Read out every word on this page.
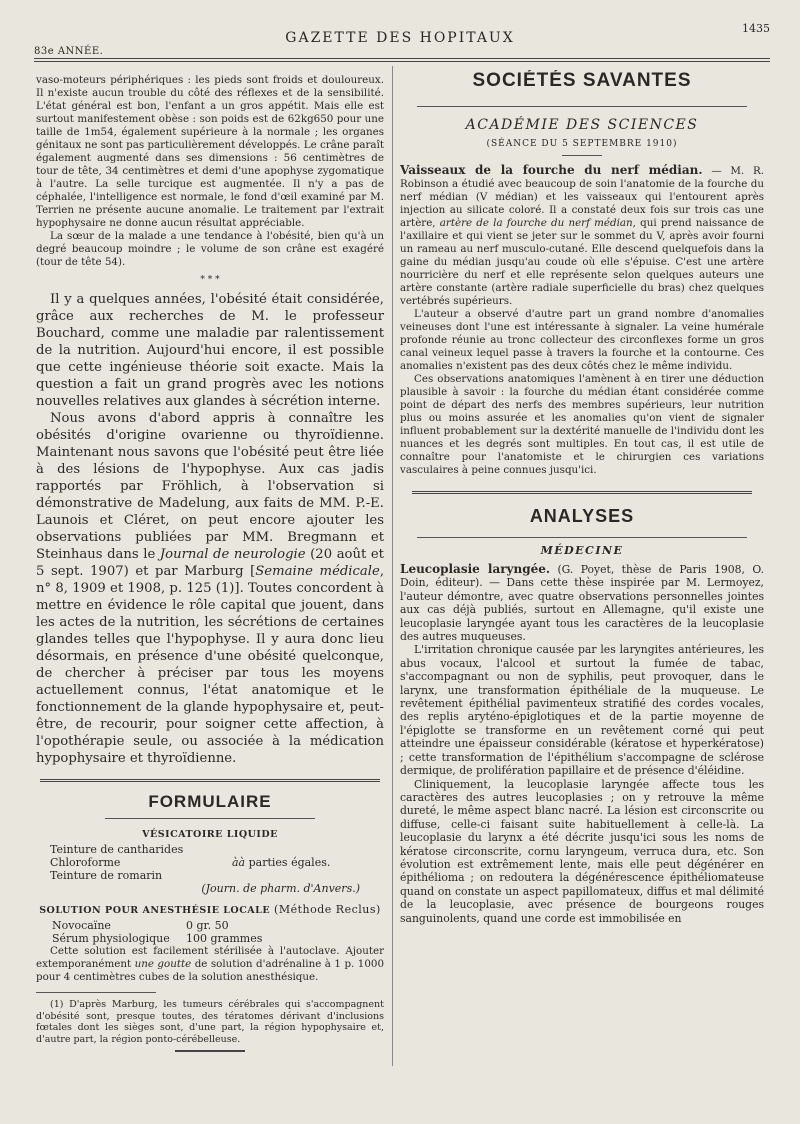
1435
GAZETTE DES HOPITAUX
83e ANNÉE.

vaso-moteurs périphériques : les pieds sont froids et douloureux. Il n'existe aucun trouble du côté des réflexes et de la sensibilité. L'état général est bon, l'enfant a un gros appétit. Mais elle est surtout manifestement obèse : son poids est de 62kg650 pour une taille de 1m54, également supérieure à la normale ; les organes génitaux ne sont pas particulièrement développés. Le crâne paraît également augmenté dans ses dimensions : 56 centimètres de tour de tête, 34 centimètres et demi d'une apophyse zygomatique à l'autre. La selle turcique est augmentée. Il n'y a pas de céphalée, l'intelligence est normale, le fond d'œil examiné par M. Terrien ne présente aucune anomalie. Le traitement par l'extrait hypophysaire ne donne aucun résultat appréciable.

La sœur de la malade a une tendance à l'obésité, bien qu'à un degré beaucoup moindre ; le volume de son crâne est exagéré (tour de tête 54).

* * *

Il y a quelques années, l'obésité était considérée, grâce aux recherches de M. le professeur Bouchard, comme une maladie par ralentissement de la nutrition. Aujourd'hui encore, il est possible que cette ingénieuse théorie soit exacte. Mais la question a fait un grand progrès avec les notions nouvelles relatives aux glandes à sécrétion interne.

Nous avons d'abord appris à connaître les obésités d'origine ovarienne ou thyroïdienne. Maintenant nous savons que l'obésité peut être liée à des lésions de l'hypophyse. Aux cas jadis rapportés par Fröhlich, à l'observation si démonstrative de Madelung, aux faits de MM. P.-E. Launois et Cléret, on peut encore ajouter les observations publiées par MM. Bregmann et Steinhaus dans le Journal de neurologie (20 août et 5 sept. 1907) et par Marburg [Semaine médicale, n° 8, 1909 et 1908, p. 125 (1)]. Toutes concordent à mettre en évidence le rôle capital que jouent, dans les actes de la nutrition, les sécrétions de certaines glandes telles que l'hypophyse. Il y aura donc lieu désormais, en présence d'une obésité quelconque, de chercher à préciser par tous les moyens actuellement connus, l'état anatomique et le fonctionnement de la glande hypophysaire et, peut-être, de recourir, pour soigner cette affection, à l'opothérapie seule, ou associée à la médication hypophysaire et thyroïdienne.

FORMULAIRE
VÉSICATOIRE LIQUIDE
Teinture de cantharides
Chloroforme
Teinture de romarin
àà parties égales.
(Journ. de pharm. d'Anvers.)
SOLUTION POUR ANESTHÉSIE LOCALE (Méthode Reclus)
Novocaïne	0 gr. 50
Sérum physiologique 100 grammes

Cette solution est facilement stérilisée à l'autoclave. Ajouter extemporanément une goutte de solution d'adrénaline à 1 p. 1000 pour 4 centimètres cubes de la solution anesthésique.

(1) D'après Marburg, les tumeurs cérébrales qui s'accompagnent d'obésité sont, presque toutes, des tératomes dérivant d'inclusions fœtales dont les sièges sont, d'une part, la région hypophysaire et, d'autre part, la région ponto-cérébelleuse.

SOCIÉTÉS SAVANTES
ACADÉMIE DES SCIENCES
(SÉANCE DU 5 SEPTEMBRE 1910)

Vaisseaux de la fourche du nerf médian. — M. R. Robinson a étudié avec beaucoup de soin l'anatomie de la fourche du nerf médian (V médian) et les vaisseaux qui l'entourent après injection au silicate coloré. Il a constaté deux fois sur trois cas une artère, artère de la fourche du nerf médian, qui prend naissance de l'axillaire et qui vient se jeter sur le sommet du V, après avoir fourni un rameau au nerf musculo-cutané. Elle descend quelquefois dans la gaine du médian jusqu'au coude où elle s'épuise. C'est une artère nourricière du nerf et elle représente selon quelques auteurs une artère constante (artère radiale superficielle du bras) chez quelques vertébrés supérieurs.

L'auteur a observé d'autre part un grand nombre d'anomalies veineuses dont l'une est intéressante à signaler. La veine humérale profonde réunie au tronc collecteur des circonflexes forme un gros canal veineux lequel passe à travers la fourche et la contourne. Ces anomalies n'existent pas des deux côtés chez le même individu.

Ces observations anatomiques l'amènent à en tirer une déduction plausible à savoir : la fourche du médian étant considérée comme point de départ des nerfs des membres supérieurs, leur nutrition plus ou moins assurée et les anomalies qu'on vient de signaler influent probablement sur la dextérité manuelle de l'individu dont les nuances et les degrés sont multiples. En tout cas, il est utile de connaître pour l'anatomiste et le chirurgien ces variations vasculaires à peine connues jusqu'ici.

ANALYSES
MÉDECINE

Leucoplasie laryngée. (G. Poyet, thèse de Paris 1908, O. Doin, éditeur). — Dans cette thèse inspirée par M. Lermoyez, l'auteur démontre, avec quatre observations personnelles jointes aux cas déjà publiés, surtout en Allemagne, qu'il existe une leucoplasie laryngée ayant tous les caractères de la leucoplasie des autres muqueuses.

L'irritation chronique causée par les laryngites antérieures, les abus vocaux, l'alcool et surtout la fumée de tabac, s'accompagnant ou non de syphilis, peut provoquer, dans le larynx, une transformation épithéliale de la muqueuse. Le revêtement épithélial pavimenteux stratifié des cordes vocales, des replis aryténo-épiglotiques et de la partie moyenne de l'épiglotte se transforme en un revêtement corné qui peut atteindre une épaisseur considérable (kératose et hyperkératose) ; cette transformation de l'épithélium s'accompagne de sclérose dermique, de prolifération papillaire et de présence d'éléidine.

Cliniquement, la leucoplasie laryngée affecte tous les caractères des autres leucoplasies ; on y retrouve la même dureté, le même aspect blanc nacré. La lésion est circonscrite ou diffuse, celle-ci faisant suite habituellement à celle-là. La leucoplasie du larynx a été décrite jusqu'ici sous les noms de kératose circonscrite, cornu laryngeum, verruca dura, etc. Son évolution est extrêmement lente, mais elle peut dégénérer en épithélioma ; on redoutera la dégénérescence épithéliomateuse quand on constate un aspect papillomateux, diffus et mal délimité de la leucoplasie, avec présence de bourgeons rouges sanguinolents, quand une corde est immobilisée en
